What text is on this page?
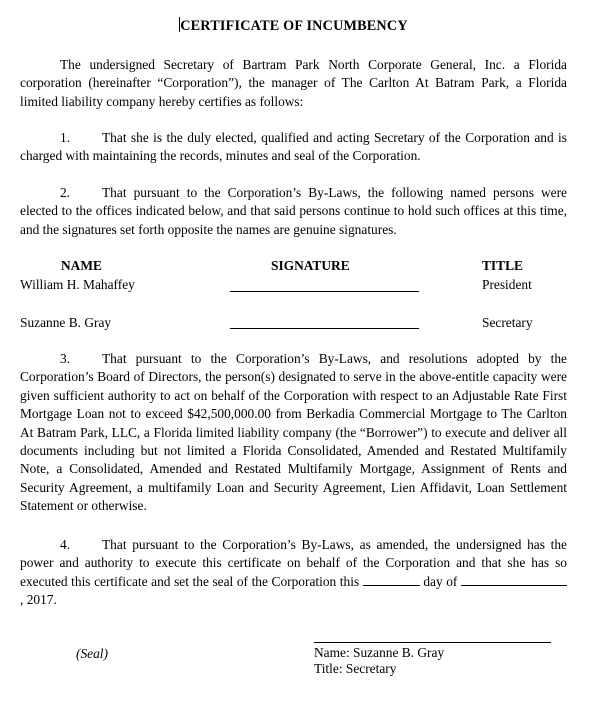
CERTIFICATE OF INCUMBENCY
The undersigned Secretary of Bartram Park North Corporate General, Inc. a Florida corporation (hereinafter “Corporation”), the manager of The Carlton At Batram Park, a Florida limited liability company hereby certifies as follows:
1. That she is the duly elected, qualified and acting Secretary of the Corporation and is charged with maintaining the records, minutes and seal of the Corporation.
2. That pursuant to the Corporation’s By-Laws, the following named persons were elected to the offices indicated below, and that said persons continue to hold such offices at this time, and the signatures set forth opposite the names are genuine signatures.
NAME	SIGNATURE	TITLE
William H. Mahaffey	President
Suzanne B. Gray	Secretary
3. That pursuant to the Corporation’s By-Laws, and resolutions adopted by the Corporation’s Board of Directors, the person(s) designated to serve in the above-entitle capacity were given sufficient authority to act on behalf of the Corporation with respect to an Adjustable Rate First Mortgage Loan not to exceed $42,500,000.00 from Berkadia Commercial Mortgage to The Carlton At Batram Park, LLC, a Florida limited liability company (the “Borrower”) to execute and deliver all documents including but not limited a Florida Consolidated, Amended and Restated Multifamily Note, a Consolidated, Amended and Restated Multifamily Mortgage, Assignment of Rents and Security Agreement, a multifamily Loan and Security Agreement, Lien Affidavit, Loan Settlement Statement or otherwise.
4. That pursuant to the Corporation’s By-Laws, as amended, the undersigned has the power and authority to execute this certificate on behalf of the Corporation and that she has so executed this certificate and set the seal of the Corporation this	day of , 2017.
(Seal)	Name: Suzanne B. Gray
Title: Secretary
